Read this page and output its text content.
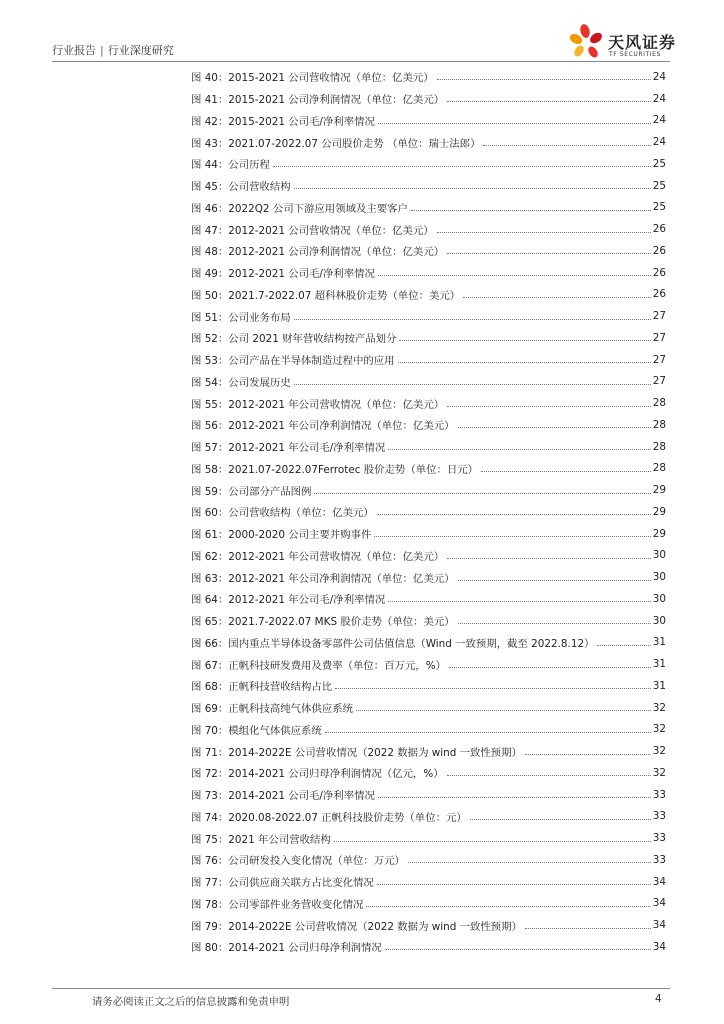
行业报告 | 行业深度研究	天风证券
TF SECURITIES
图 40：2015-2021 公司营收情况（单位：亿美元）	24
图 41：2015-2021 公司净利润情况（单位：亿美元）	24
图 42：2015-2021 公司毛/净利率情况	24
图 43：2021.07-2022.07 公司股价走势 （单位：瑞士法郎）	24
图 44：公司历程	25
图 45：公司营收结构	25
图 46：2022Q2 公司下游应用领域及主要客户	25
图 47：2012-2021 公司营收情况（单位：亿美元）	26
图 48：2012-2021 公司净利润情况（单位：亿美元）	26
图 49：2012-2021 公司毛/净利率情况	26
图 50：2021.7-2022.07 超科林股价走势（单位：美元）	26
图 51：公司业务布局	27
图 52：公司 2021 财年营收结构按产品划分	27
图 53：公司产品在半导体制造过程中的应用	27
图 54：公司发展历史	27
图 55：2012-2021 年公司营收情况（单位：亿美元）	28
图 56：2012-2021 年公司净利润情况（单位：亿美元）	28
图 57：2012-2021 年公司毛/净利率情况	28
图 58：2021.07-2022.07Ferrotec 股价走势（单位：日元）	28
图 59：公司部分产品图例	29
图 60：公司营收结构（单位：亿美元）	29
图 61：2000-2020 公司主要并购事件	29
图 62：2012-2021 年公司营收情况（单位：亿美元）	30
图 63：2012-2021 年公司净利润情况（单位：亿美元）	30
图 64：2012-2021 年公司毛/净利率情况	30
图 65：2021.7-2022.07 MKS 股价走势（单位：美元）	30
图 66：国内重点半导体设备零部件公司估值信息（Wind 一致预期，截至 2022.8.12）	31
图 67：正帆科技研发费用及费率（单位：百万元，%）	31
图 68：正帆科技营收结构占比	31
图 69：正帆科技高纯气体供应系统	32
图 70：模组化气体供应系统	32
图 71：2014-2022E 公司营收情况（2022 数据为 wind 一致性预期）	32
图 72：2014-2021 公司归母净利润情况（亿元，%）	32
图 73：2014-2021 公司毛/净利率情况	33
图 74：2020.08-2022.07 正帆科技股价走势（单位：元）	33
图 75：2021 年公司营收结构	33
图 76：公司研发投入变化情况（单位：万元）	33
图 77：公司供应商关联方占比变化情况	34
图 78：公司零部件业务营收变化情况	34
图 79：2014-2022E 公司营收情况（2022 数据为 wind 一致性预期）	34
图 80：2014-2021 公司归母净利润情况	34
请务必阅读正文之后的信息披露和免责申明	4
